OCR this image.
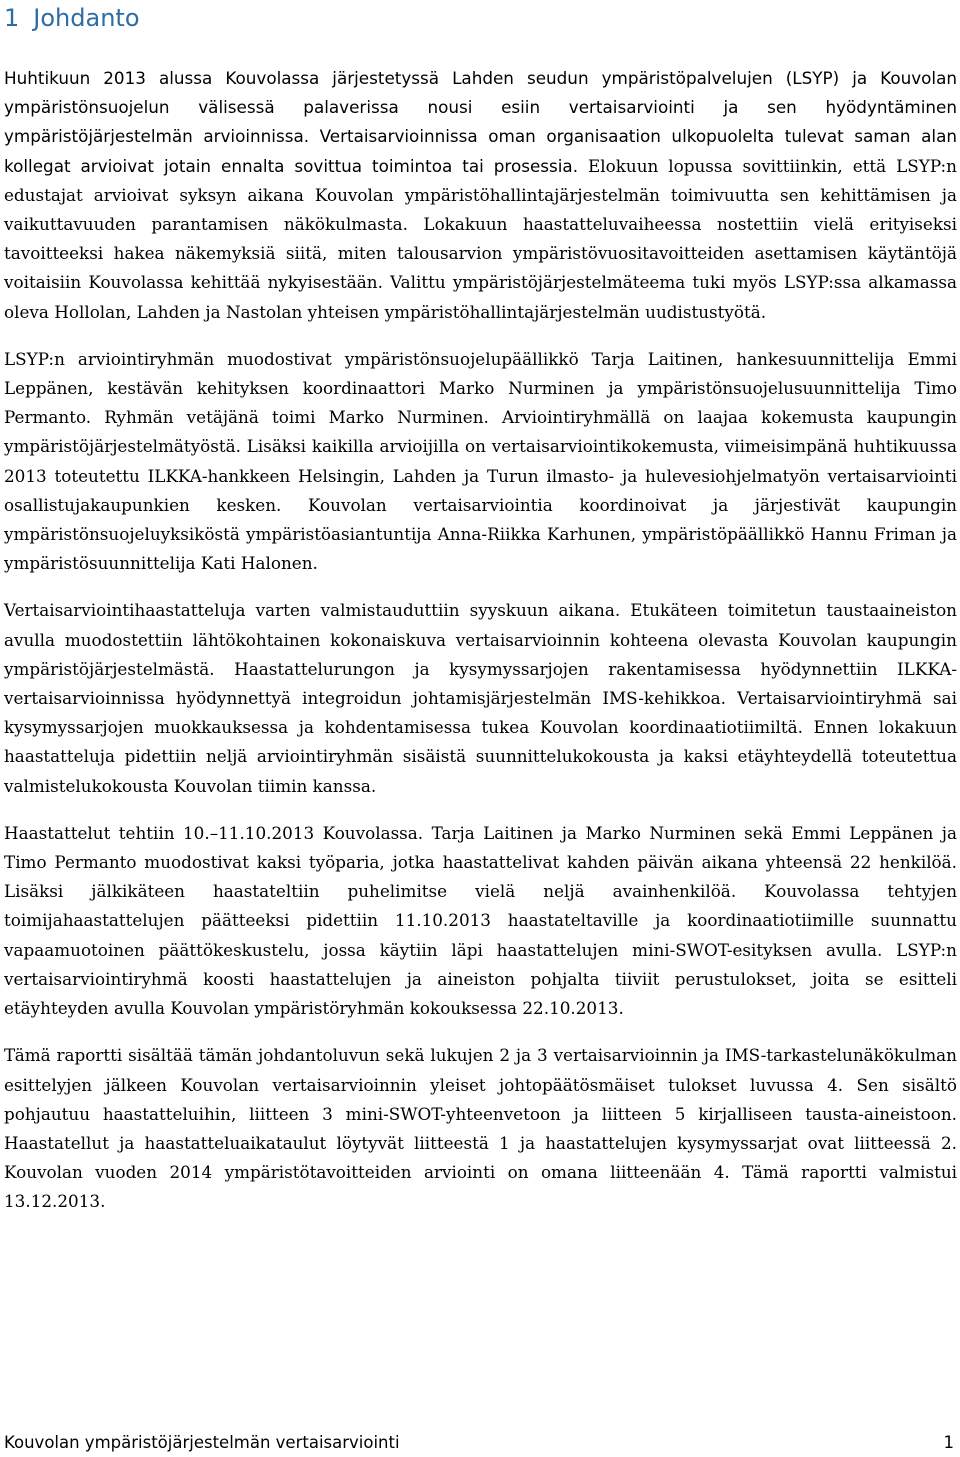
1 Johdanto

Huhtikuun 2013 alussa Kouvolassa järjestetyssä Lahden seudun ympäristöpalvelujen (LSYP) ja Kouvolan ympäristönsuojelun välisessä palaverissa nousi esiin vertaisarviointi ja sen hyödyntäminen ympäristöjärjestelmän arvioinnissa. Vertaisarvioinnissa oman organisaation ulkopuolelta tulevat saman alan kollegat arvioivat jotain ennalta sovittua toimintoa tai prosessia. Elokuun lopussa sovittiinkin, että LSYP:n edustajat arvioivat syksyn aikana Kouvolan ympäristöhallintajärjestelmän toimivuutta sen kehittämisen ja vaikuttavuuden parantamisen näkökulmasta. Lokakuun haastatteluvaiheessa nostettiin vielä erityiseksi tavoitteeksi hakea näkemyksiä siitä, miten talousarvion ympäristövuositavoitteiden asettamisen käytäntöjä voitaisiin Kouvolassa kehittää nykyisestään. Valittu ympäristöjärjestelmäteema tuki myös LSYP:ssa alkamassa oleva Hollolan, Lahden ja Nastolan yhteisen ympäristöhallintajärjestelmän uudistustyötä.

LSYP:n arviointiryhmän muodostivat ympäristönsuojelupäällikkö Tarja Laitinen, hankesuunnittelija Emmi Leppänen, kestävän kehityksen koordinaattori Marko Nurminen ja ympäristönsuojelusuunnittelija Timo Permanto. Ryhmän vetäjänä toimi Marko Nurminen. Arviointiryhmällä on laajaa kokemusta kaupungin ympäristöjärjestelmätyöstä. Lisäksi kaikilla arvioijilla on vertaisarviointikokemusta, viimeisimpänä huhtikuussa 2013 toteutettu ILKKA-hankkeen Helsingin, Lahden ja Turun ilmasto- ja hulevesiohjelmatyön vertaisarviointi osallistujakaupunkien kesken. Kouvolan vertaisarviointia koordinoivat ja järjestivät kaupungin ympäristönsuojeluyksiköstä ympäristöasiantuntija Anna-Riikka Karhunen, ympäristöpäällikkö Hannu Friman ja ympäristösuunnittelija Kati Halonen.

Vertaisarviointihaastatteluja varten valmistauduttiin syyskuun aikana. Etukäteen toimitetun taustaaineiston avulla muodostettiin lähtökohtainen kokonaiskuva vertaisarvioinnin kohteena olevasta Kouvolan kaupungin ympäristöjärjestelmästä. Haastattelurungon ja kysymyssarjojen rakentamisessa hyödynnettiin ILKKA-vertaisarvioinnissa hyödynnettyä integroidun johtamisjärjestelmän IMS-kehikkoa. Vertaisarviointiryhmä sai kysymyssarjojen muokkauksessa ja kohdentamisessa tukea Kouvolan koordinaatiotiimiltä. Ennen lokakuun haastatteluja pidettiin neljä arviointiryhmän sisäistä suunnittelukokousta ja kaksi etäyhteydellä toteutettua valmistelukokousta Kouvolan tiimin kanssa.

Haastattelut tehtiin 10.–11.10.2013 Kouvolassa. Tarja Laitinen ja Marko Nurminen sekä Emmi Leppänen ja Timo Permanto muodostivat kaksi työparia, jotka haastattelivat kahden päivän aikana yhteensä 22 henkilöä. Lisäksi jälkikäteen haastateltiin puhelimitse vielä neljä avainhenkilöä. Kouvolassa tehtyjen toimijahaastattelujen päätteeksi pidettiin 11.10.2013 haastateltaville ja koordinaatiotiimille suunnattu vapaamuotoinen päättökeskustelu, jossa käytiin läpi haastattelujen mini-SWOT-esityksen avulla. LSYP:n vertaisarviointiryhmä koosti haastattelujen ja aineiston pohjalta tiiviit perustulokset, joita se esitteli etäyhteyden avulla Kouvolan ympäristöryhmän kokouksessa 22.10.2013.

Tämä raportti sisältää tämän johdantoluvun sekä lukujen 2 ja 3 vertaisarvioinnin ja IMS-tarkastelunäkökulman esittelyjen jälkeen Kouvolan vertaisarvioinnin yleiset johtopäätösmäiset tulokset luvussa 4. Sen sisältö pohjautuu haastatteluihin, liitteen 3 mini-SWOT-yhteenvetoon ja liitteen 5 kirjalliseen tausta-aineistoon. Haastatellut ja haastatteluaikataulut löytyvät liitteestä 1 ja haastattelujen kysymyssarjat ovat liitteessä 2. Kouvolan vuoden 2014 ympäristötavoitteiden arviointi on omana liitteenään 4. Tämä raportti valmistui 13.12.2013.

Kouvolan ympäristöjärjestelmän vertaisarviointi	1
